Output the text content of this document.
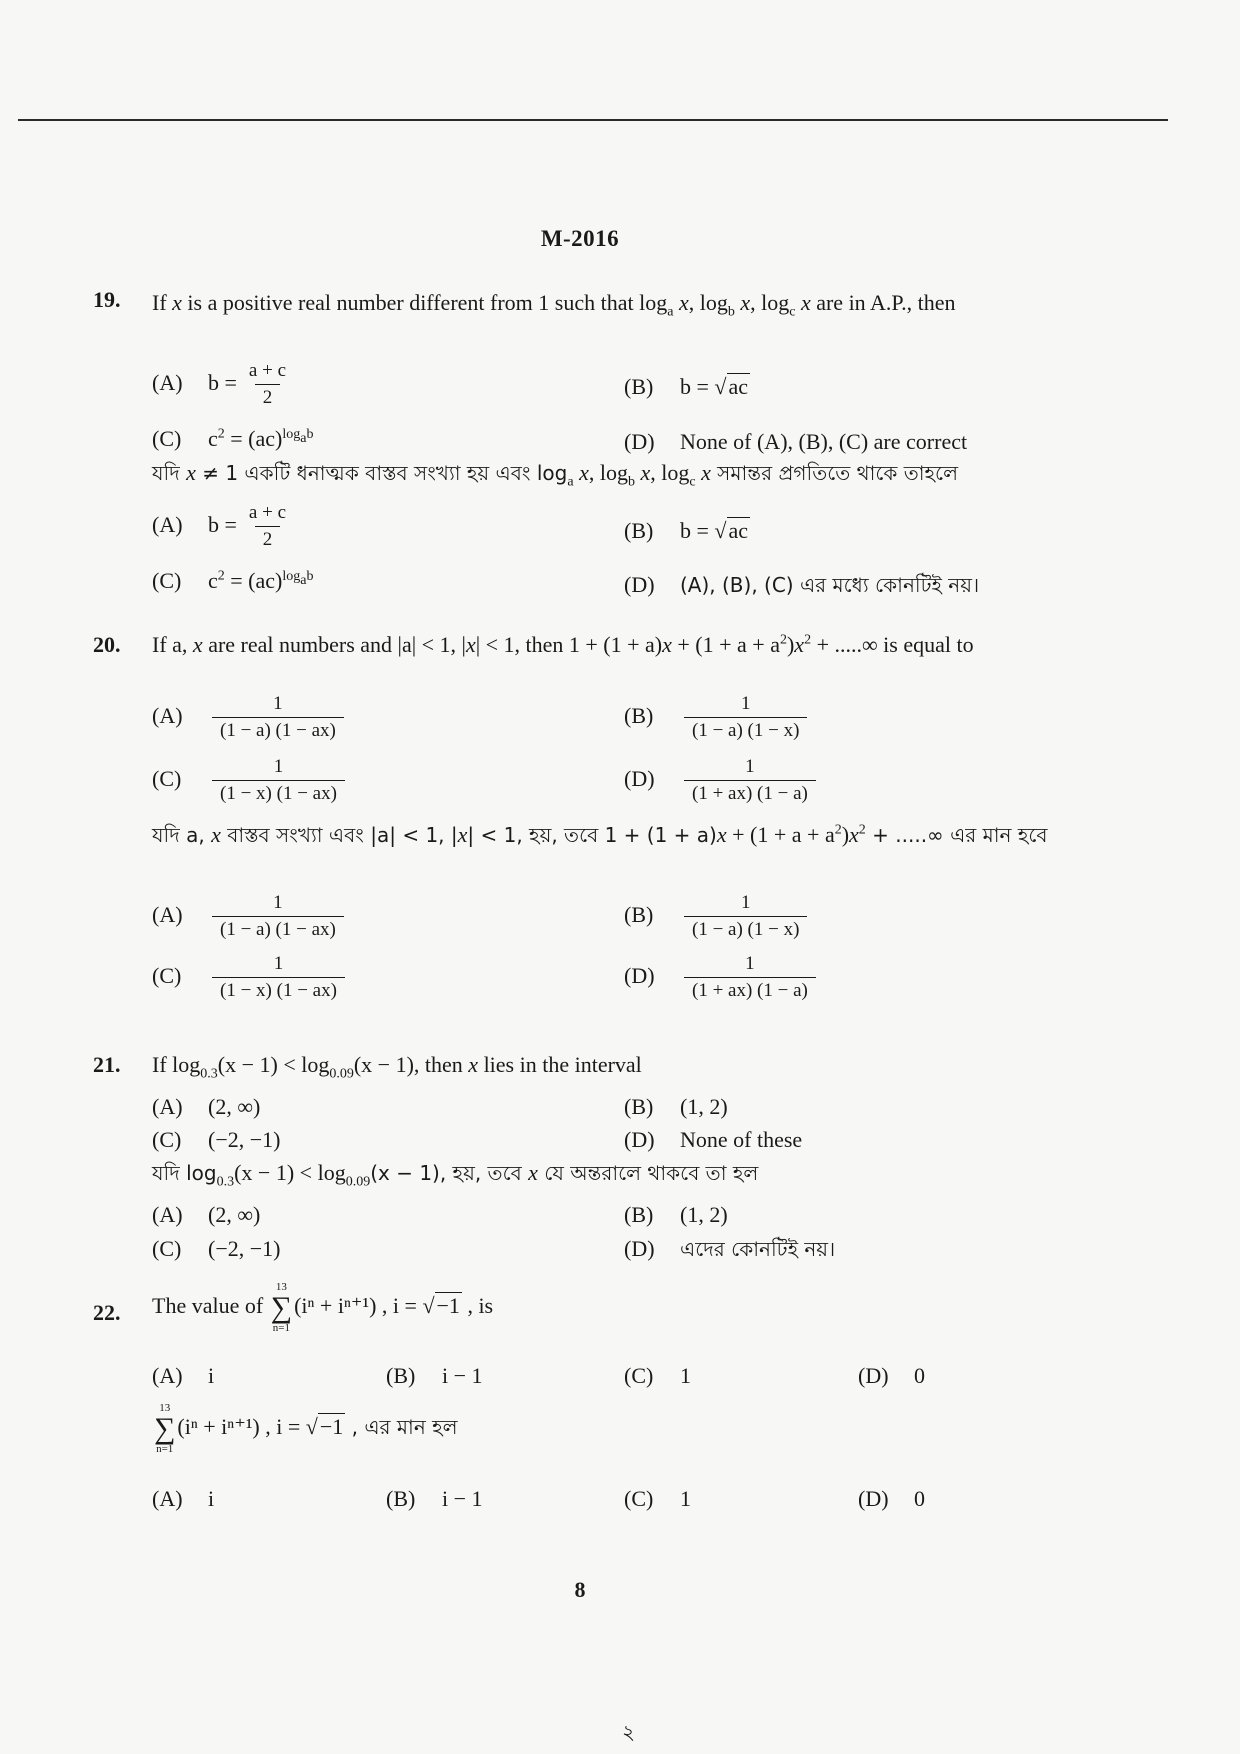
M-2016
19. If x is a positive real number different from 1 such that $\log_a x$, $\log_b x$, $\log_c x$ are in A.P., then
(A) $b = \frac{a + c}{2}$	(B) b = √ac
(C) $c^2 = (ac)^{log_ab}$	(D) None of (A), (B), (C) are correct
যদি x ≠ 1 একটি ধনাত্মক বাস্তব সংখ্যা হয় এবং $\log_a x$, $\log_b x$, $\log_c x$ সমান্তর প্রগতিতে থাকে তাহলে
(A) $b = \frac{a + c}{2}$	(B) b = √ac
(C) $c^2 = (ac)^{log_ab}$	(D) (A), (B), (C) এর মধ্যে কোনটিই নয়।
20. If a, x are real numbers and |a| < 1, |x| < 1, then $1 + (1 + a)x + (1 + a + a^2)x^2$ + .....∞ is equal to
$(A) \frac{1}{(1 - a) (1 - ax)}$	$(B) \frac{1}{(1 - a) (1 - x)}$
$(C) \frac{1}{(1 - x) (1 - ax)}$	$(D) \frac{1}{(1 + ax) (1 - a)}$
যদি a, x বাস্তব সংখ্যা এবং |a| < 1, |x| < 1, হয়, তবে $1 + (1 + a)x + (1 + a + a^2)x^2$ + .....∞ এর মান হবে
$(A) \frac{1}{(1 - a) (1 - ax)}$	$(B) \frac{1}{(1 - a) (1 - x)}$
$(C) \frac{1}{(1 - x) (1 - ax)}$	$(D) \frac{1}{(1 + ax) (1 - a)}$
21. If $\log_{0.3}(x - 1) < \log_{0.09}(x - 1)$, then x lies in the interval
(A) (2, ∞)	(B) (1, 2)
(C) (−2, −1)	(D) None of these
যদি $\log_{0.3}(x - 1) < \log_{0.09}(x - 1)$, হয়, তবে x যে অন্তরালে থাকবে তা হল
(A) (2, ∞)	(B) (1, 2)
(C) (−2, −1)	(D) এদের কোনটিই নয়।
22. The value of
13
∑
n=1
(iⁿ + iⁿ⁺¹) , i = √−1 , is
(A) i	(B) i − 1	(C) 1	(D) 0
13
∑
n=1
(iⁿ + iⁿ⁺¹) , i = √−1 , এর মান হল
(A) i	(B) i − 1	(C) 1	(D) 0
8
২
